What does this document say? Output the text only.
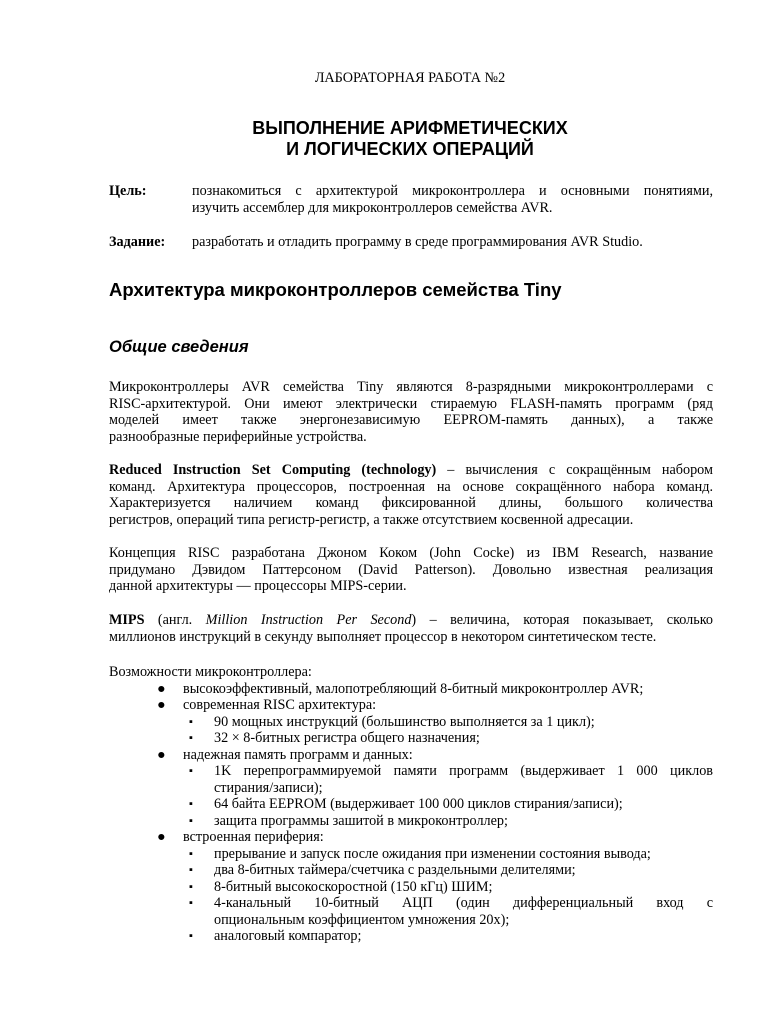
ЛАБОРАТОРНАЯ РАБОТА №2
ВЫПОЛНЕНИЕ АРИФМЕТИЧЕСКИХ
И ЛОГИЧЕСКИХ ОПЕРАЦИЙ
Цель:	познакомиться с архитектурой микроконтроллера и основными понятиями,
изучить ассемблер для микроконтроллеров семейства AVR.
Задание: разработать и отладить программу в среде программирования AVR Studio.
Архитектура микроконтроллеров семейства Tiny
Общие сведения
Микроконтроллеры AVR семейства Tiny являются 8-разрядными микроконтроллерами с
RISC-архитектурой. Они имеют электрически стираемую FLASH-память программ (ряд
моделей имеет также энергонезависимую EEPROM-память данных), а также
разнообразные периферийные устройства.
Reduced Instruction Set Computing (technology) – вычисления с сокращённым набором
команд. Архитектура процессоров, построенная на основе сокращённого набора команд.
Характеризуется наличием команд фиксированной длины, большого количества
регистров, операций типа регистр-регистр, а также отсутствием косвенной адресации.
Концепция RISC разработана Джоном Коком (John Cocke) из IBM Research, название
придумано Дэвидом Паттерсоном (David Patterson). Довольно известная реализация
данной архитектуры — процессоры MIPS-серии.
MIPS (англ. Million Instruction Per Second) – величина, которая показывает, сколько
миллионов инструкций в секунду выполняет процессор в некотором синтетическом тесте.
Возможности микроконтроллера:
● высокоэффективный, малопотребляющий 8-битный микроконтроллер AVR;
● современная RISC архитектура:
▪ 90 мощных инструкций (большинство выполняется за 1 цикл);
▪ 32 × 8-битных регистра общего назначения;
● надежная память программ и данных:
▪ 1K перепрограммируемой памяти программ (выдерживает 1 000 циклов
стирания/записи);
▪ 64 байта EEPROM (выдерживает 100 000 циклов стирания/записи);
▪ защита программы зашитой в микроконтроллер;
● встроенная периферия:
▪ прерывание и запуск после ожидания при изменении состояния вывода;
▪ два 8-битных таймера/счетчика с раздельными делителями;
▪ 8-битный высокоскоростной (150 кГц) ШИМ;
▪ 4-канальный 10-битный АЦП (один дифференциальный вход с
опциональным коэффициентом умножения 20x);
▪ аналоговый компаратор;
